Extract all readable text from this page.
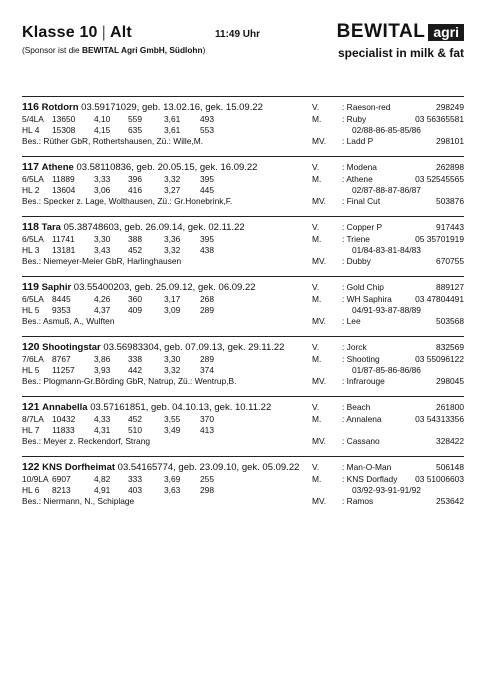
Klasse 10 | Alt	11:49 Uhr
(Sponsor ist die BEWITAL Agri GmbH, Südlohn)
BEWITAL agri
specialist in milk & fat
116 Rotdorn 03.59171029, geb. 13.02.16, gek. 15.09.22
5/4LA 13650 4,10 559	3,61 493
HL 4 15308 4,15 635	3,61 553
Bes.: Rüther GbR, Rothertshausen, Zü.: Wille,M.
V.	: Raeson-red	298249
M. : Ruby	03 56365581
02/88-86-85-85/86
MV. : Ladd P	298101
117 Athene 03.58110836, geb. 20.05.15, gek. 16.09.22
6/5LA 11889 3,33 396	3,32 395
HL 2 13604 3,06 416	3,27 445
Bes.: Specker z. Lage, Wolthausen, Zü.: Gr.Honebrink,F.
V.	: Modena	262898
M. : Athene	03 52545565
02/87-88-87-86/87
MV. : Final Cut	503876
118 Tara 05.38748603, geb. 26.09.14, gek. 02.11.22
6/5LA 11741 3,30 388	3,36 395
HL 3 13181 3,43 452	3,32 438
Bes.: Niemeyer-Meier GbR, Harlinghausen
V.	: Copper P	917443
M. : Triene	05 35701919
01/84-83-81-84/83
MV. : Dubby	670755
119 Saphir 03.55400203, geb. 25.09.12, gek. 06.09.22
6/5LA 8445	4,26 360	3,17 268
HL 5 9353	4,37 409	3,09 289
Bes.: Asmuß, A., Wulften
V.	: Gold Chip	889127
M. : WH Saphira	03 47804491
04/91-93-87-88/89
MV. : Lee	503568
120 Shootingstar 03.56983304, geb. 07.09.13, gek. 29.11.22
7/6LA 8767	3,86 338	3,30 289
HL 5 11257 3,93 442	3,32 374
Bes.: Plogmann-Gr.Börding GbR, Natrup, Zü.: Wentrup,B.
V.	: Jorck	832569
M. : Shooting	03 55096122
01/87-85-86-86/86
MV. : Infrarouge	298045
121 Annabella 03.57161851, geb. 04.10.13, gek. 10.11.22
8/7LA 10432 4,33 452	3,55 370
HL 7 11833 4,31 510	3,49 413
Bes.: Meyer z. Reckendorf, Strang
V.	: Beach	261800
M. : Annalena	03 54313356
MV. : Cassano	328422
122 KNS Dorfheimat 03.54165774, geb. 23.09.10, gek. 05.09.22
10/9LA 6907	4,82 333	3,69 255
HL 6 8213	4,91 403	3,63 298
Bes.: Niermann, N., Schiplage
V.	: Man-O-Man	506148
M. : KNS Dorflady 03 51006603
03/92-93-91-91/92
MV. : Ramos	253642
